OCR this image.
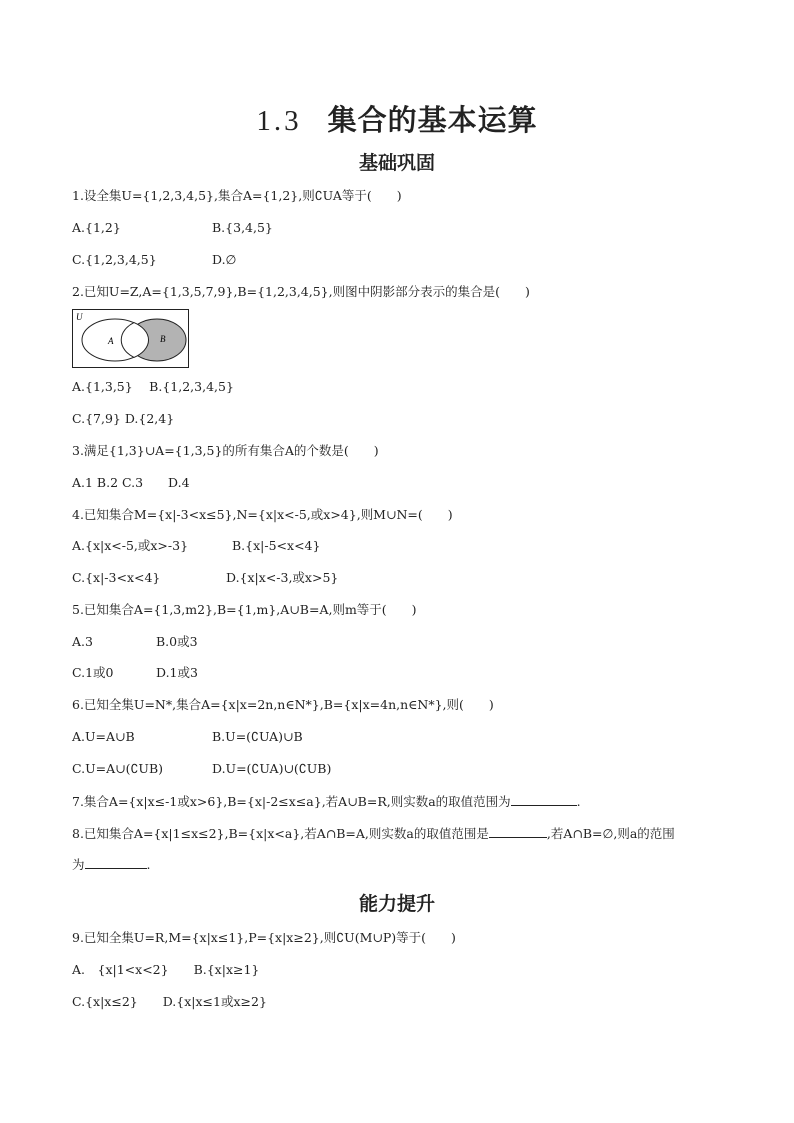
1.3 集合的基本运算
基础巩固
1.设全集U={1,2,3,4,5},集合A={1,2},则∁UA等于(　　)
A.{1,2}	B.{3,4,5}
C.{1,2,3,4,5}	D.∅
2.已知U=Z,A={1,3,5,7,9},B={1,2,3,4,5},则图中阴影部分表示的集合是(　　)
U
A	B
A.{1,3,5}　 B.{1,2,3,4,5}
C.{7,9} D.{2,4}
3.满足{1,3}∪A={1,3,5}的所有集合A的个数是(　　)
A.1 B.2 C.3　　D.4
4.已知集合M={x|-3<x≤5},N={x|x<-5,或x>4},则M∪N=(　　)
A.{x|x<-5,或x>-3}	B.{x|-5<x<4}
C.{x|-3<x<4}	D.{x|x<-3,或x>5}
5.已知集合A={1,3,m2},B={1,m},A∪B=A,则m等于(　　)
A.3	B.0或3
C.1或0	D.1或3
6.已知全集U=N*,集合A={x|x=2n,n∈N*},B={x|x=4n,n∈N*},则(　　)
A.U=A∪B	B.U=(∁UA)∪B
C.U=A∪(∁UB)	D.U=(∁UA)∪(∁UB)
7.集合A={x|x≤-1或x>6},B={x|-2≤x≤a},若A∪B=R,则实数a的取值范围为	.
8.已知集合A={x|1≤x≤2},B={x|x<a},若A∩B=A,则实数a的取值范围是	,若A∩B=∅,则a的范围
为	.
能力提升
9.已知全集U=R,M={x|x≤1},P={x|x≥2},则∁U(M∪P)等于(　　)
A.　{x|1<x<2}　　B.{x|x≥1}
C.{x|x≤2}　　D.{x|x≤1或x≥2}
